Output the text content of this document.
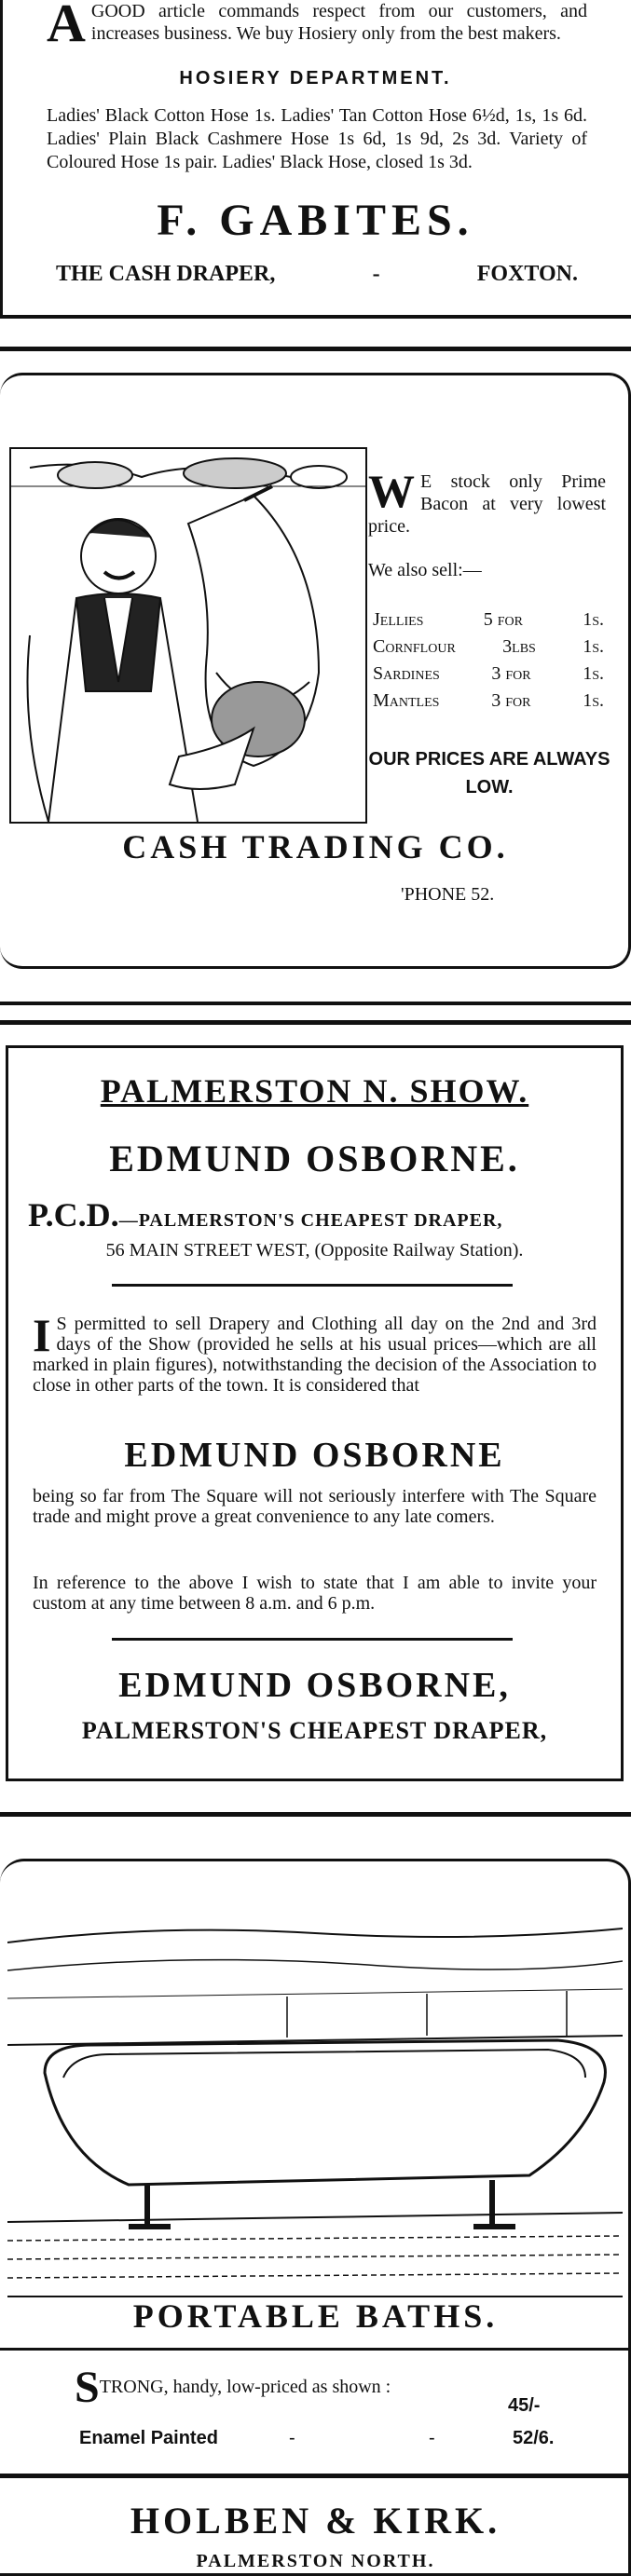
AGOOD article commands respect from our customers, and increases business. We buy Hosiery only from the best makers.
HOSIERY DEPARTMENT.
Ladies' Black Cotton Hose 1s. Ladies' Tan Cotton Hose 6½d, 1s, 1s 6d. Ladies' Plain Black Cashmere Hose 1s 6d, 1s 9d, 2s 3d. Variety of Coloured Hose 1s pair. Ladies' Black Hose, closed 1s 3d.
F. GABITES.
THE CASH DRAPER,	-	FOXTON.
W E stock only Prime Bacon at very lowest price.
We also sell:—
Jellies	5 for	1s.
Cornflour	3lbs	1s.
Sardines	3 for	1s.
Mantles	3 for	1s.
OUR PRICES ARE ALWAYS LOW.
CASH TRADING CO.
'PHONE 52.
PALMERSTON N. SHOW.
EDMUND OSBORNE.
P.C.D.—PALMERSTON'S CHEAPEST DRAPER,
56 MAIN STREET WEST, (Opposite Railway Station).
I S permitted to sell Drapery and Clothing all day on the 2nd and 3rd days of the Show (provided he sells at his usual prices—which are all marked in plain figures), notwithstanding the decision of the Association to close in other parts of the town. It is considered that
EDMUND OSBORNE
being so far from The Square will not seriously interfere with The Square trade and might prove a great convenience to any late comers.
In reference to the above I wish to state that I am able to invite your custom at any time between 8 a.m. and 6 p.m.
EDMUND OSBORNE,
PALMERSTON'S CHEAPEST DRAPER,
PORTABLE BATHS.
STRONG, handy, low-priced as shown :
45/-
Enamel Painted	-	-	52/6.
HOLBEN & KIRK.
PALMERSTON NORTH.
